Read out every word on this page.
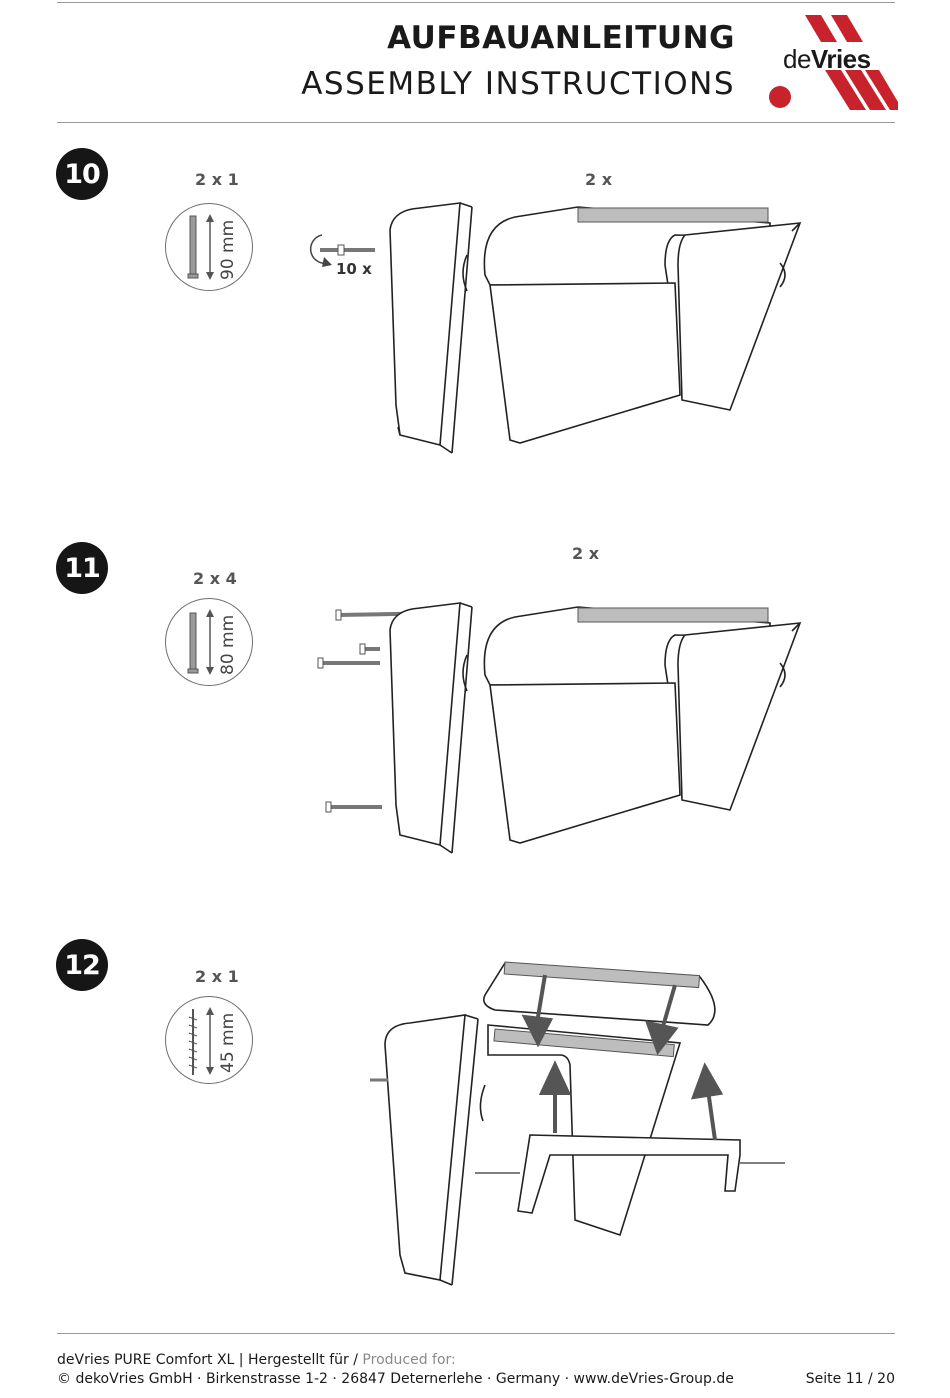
AUFBAUANLEITUNG
ASSEMBLY INSTRUCTIONS
deVries
10	2 x 1
90 mm
2 x
10 x
11	2 x 4
80 mm
2 x
12	2 x 1
45 mm
deVries PURE Comfort XL | Hergestellt für / Produced for:
© dekoVries GmbH · Birkenstrasse 1-2 · 26847 Deternerlehe · Germany · www.deVries-Group.de	Seite 11 / 20
